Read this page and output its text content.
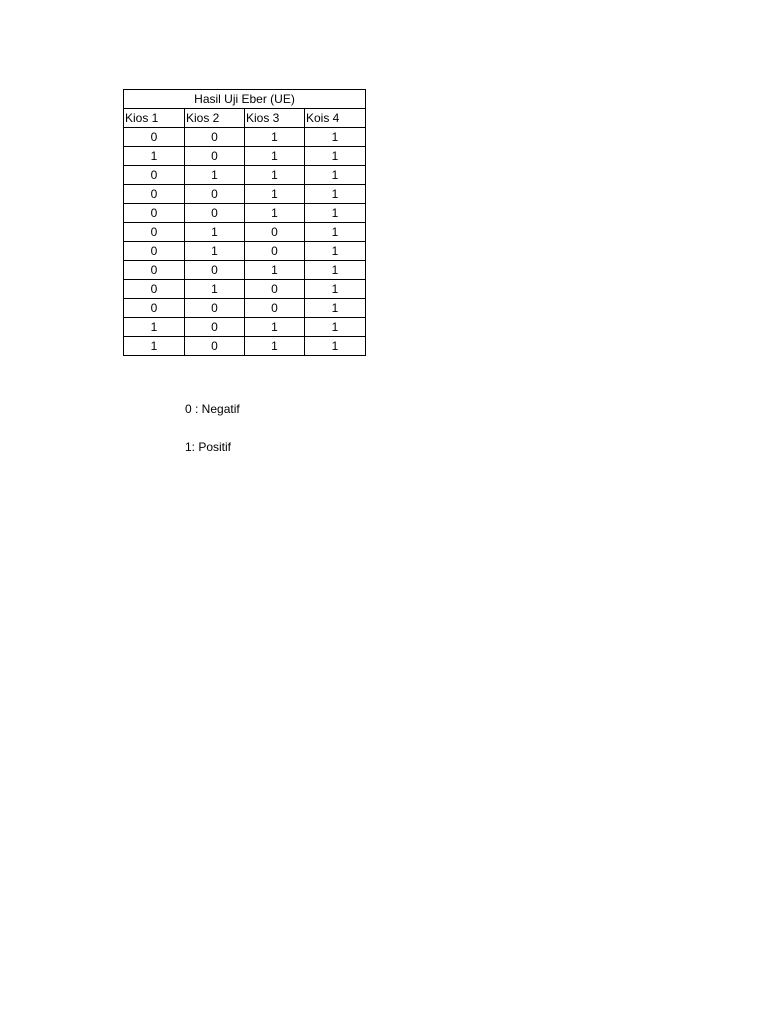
Hasil Uji Eber (UE)			
Kios 1	Kios 2	Kios 3	Kois 4
0	0	1	1
1	0	1	1
0	1	1	1
0	0	1	1
0	0	1	1
0	1	0	1
0	1	0	1
0	0	1	1
0	1	0	1
0	0	0	1
1	0	1	1
1	0	1	1
0 : Negatif
1: Positif
